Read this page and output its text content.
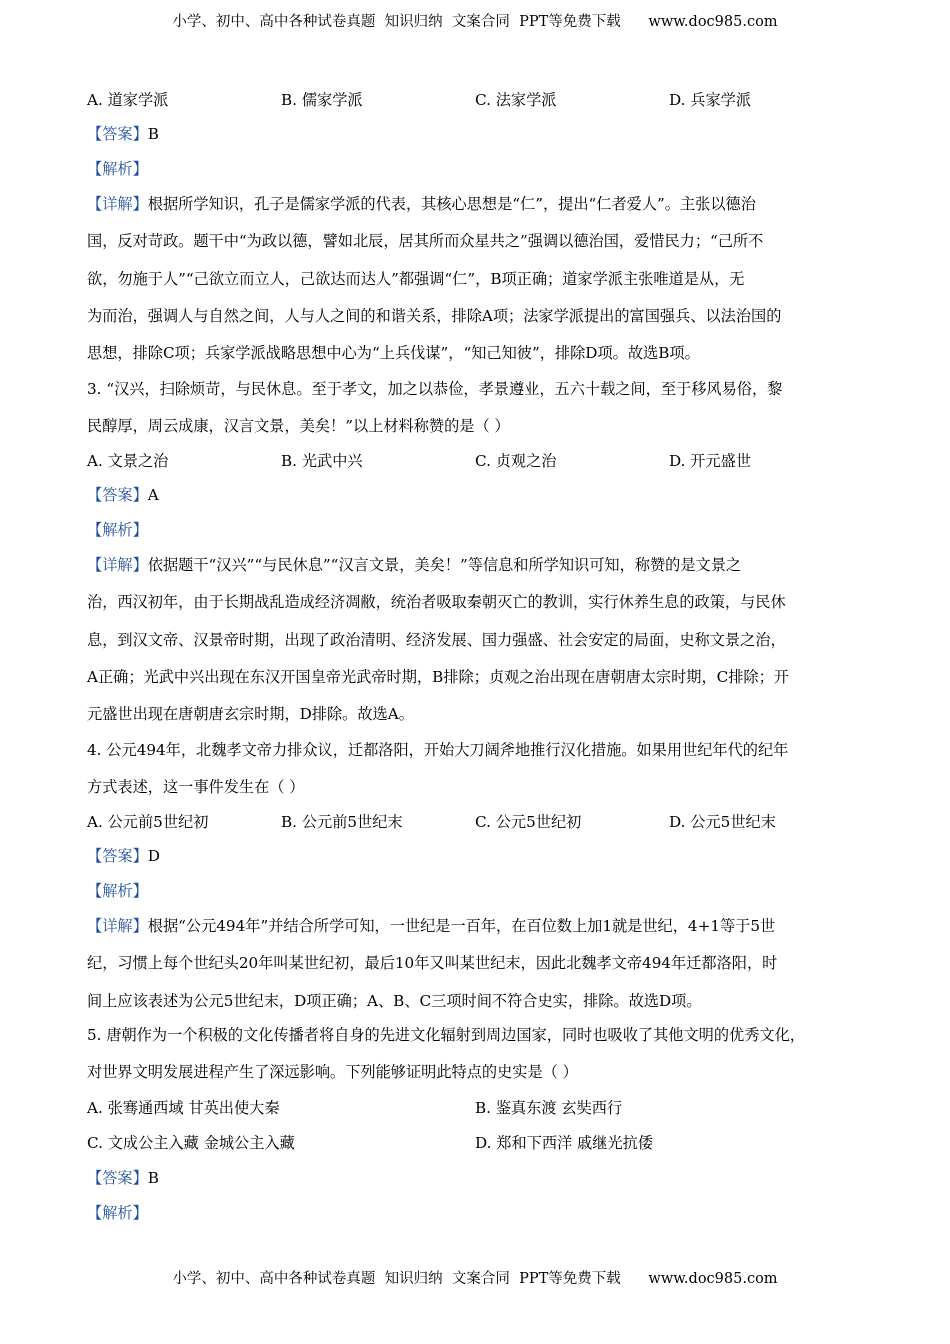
小学、初中、高中各种试卷真题  知识归纳  文案合同  PPT等免费下载      www.doc985.com
A. 道家学派	B. 儒家学派	C. 法家学派	D. 兵家学派
【答案】B
【解析】
【详解】根据所学知识，孔子是儒家学派的代表，其核心思想是“仁”，提出“仁者爱人”。主张以德治
国，反对苛政。题干中“为政以德，譬如北辰，居其所而众星共之”强调以德治国，爱惜民力；“己所不
欲，勿施于人”“己欲立而立人，己欲达而达人”都强调“仁”，B项正确；道家学派主张唯道是从，无
为而治，强调人与自然之间，人与人之间的和谐关系，排除A项；法家学派提出的富国强兵、以法治国的
思想，排除C项；兵家学派战略思想中心为“上兵伐谋”，“知己知彼”，排除D项。故选B项。
3. “汉兴，扫除烦苛，与民休息。至于孝文，加之以恭俭，孝景遵业，五六十载之间，至于移风易俗，黎
民醇厚，周云成康，汉言文景，美矣！”以上材料称赞的是（ ）
A. 文景之治	B. 光武中兴	C. 贞观之治	D. 开元盛世
【答案】A
【解析】
【详解】依据题干“汉兴”“与民休息”“汉言文景，美矣！”等信息和所学知识可知，称赞的是文景之
治，西汉初年，由于长期战乱造成经济凋敝，统治者吸取秦朝灭亡的教训，实行休养生息的政策，与民休
息，到汉文帝、汉景帝时期，出现了政治清明、经济发展、国力强盛、社会安定的局面，史称文景之治，
A正确；光武中兴出现在东汉开国皇帝光武帝时期，B排除；贞观之治出现在唐朝唐太宗时期，C排除；开
元盛世出现在唐朝唐玄宗时期，D排除。故选A。
4. 公元494年，北魏孝文帝力排众议，迁都洛阳，开始大刀阔斧地推行汉化措施。如果用世纪年代的纪年
方式表述，这一事件发生在（ ）
A. 公元前5世纪初	B. 公元前5世纪末	C. 公元5世纪初	D. 公元5世纪末
【答案】D
【解析】
【详解】根据“公元494年”并结合所学可知，一世纪是一百年，在百位数上加1就是世纪，4+1等于5世
纪，习惯上每个世纪头20年叫某世纪初，最后10年又叫某世纪末，因此北魏孝文帝494年迁都洛阳，时
间上应该表述为公元5世纪末，D项正确；A、B、C三项时间不符合史实，排除。故选D项。
5. 唐朝作为一个积极的文化传播者将自身的先进文化辐射到周边国家，同时也吸收了其他文明的优秀文化，
对世界文明发展进程产生了深远影响。下列能够证明此特点的史实是（ ）
A. 张骞通西域 甘英出使大秦	B. 鉴真东渡 玄奘西行
C. 文成公主入藏 金城公主入藏	D. 郑和下西洋 戚继光抗倭
【答案】B
【解析】
小学、初中、高中各种试卷真题  知识归纳  文案合同  PPT等免费下载      www.doc985.com
